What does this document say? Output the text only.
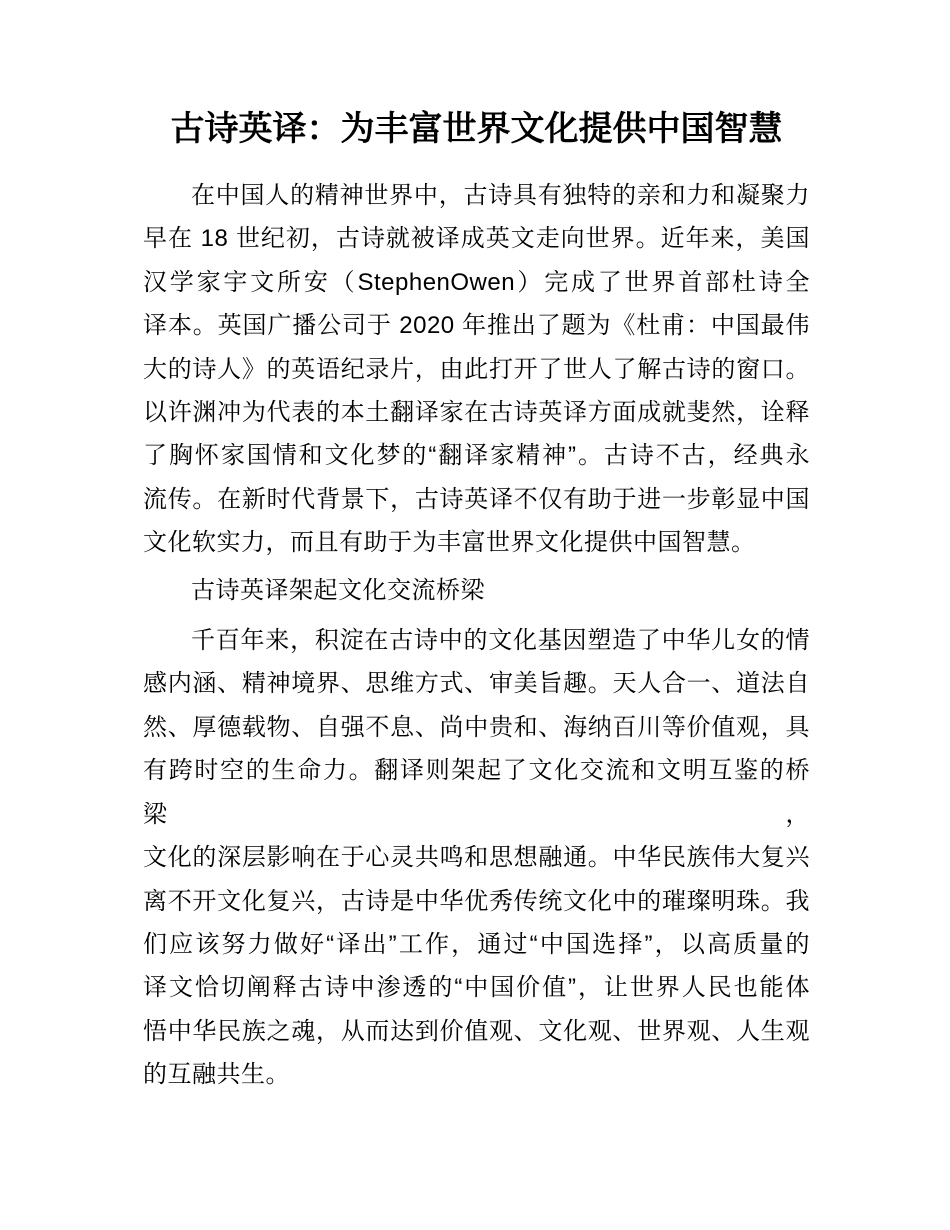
古诗英译：为丰富世界文化提供中国智慧
在中国人的精神世界中，古诗具有独特的亲和力和凝聚力
早在 18 世纪初，古诗就被译成英文走向世界。近年来，美国
汉学家宇文所安（StephenOwen）完成了世界首部杜诗全
译本。英国广播公司于 2020 年推出了题为《杜甫：中国最伟
大的诗人》的英语纪录片，由此打开了世人了解古诗的窗口。
以许渊冲为代表的本土翻译家在古诗英译方面成就斐然，诠释
了胸怀家国情和文化梦的“翻译家精神”。古诗不古，经典永
流传。在新时代背景下，古诗英译不仅有助于进一步彰显中国
文化软实力，而且有助于为丰富世界文化提供中国智慧。
古诗英译架起文化交流桥梁
千百年来，积淀在古诗中的文化基因塑造了中华儿女的情
感内涵、精神境界、思维方式、审美旨趣。天人合一、道法自
然、厚德载物、自强不息、尚中贵和、海纳百川等价值观，具
有跨时空的生命力。翻译则架起了文化交流和文明互鉴的桥梁，
文化的深层影响在于心灵共鸣和思想融通。中华民族伟大复兴
离不开文化复兴，古诗是中华优秀传统文化中的璀璨明珠。我
们应该努力做好“译出”工作，通过“中国选择”，以高质量的
译文恰切阐释古诗中渗透的“中国价值”，让世界人民也能体
悟中华民族之魂，从而达到价值观、文化观、世界观、人生观
的互融共生。
